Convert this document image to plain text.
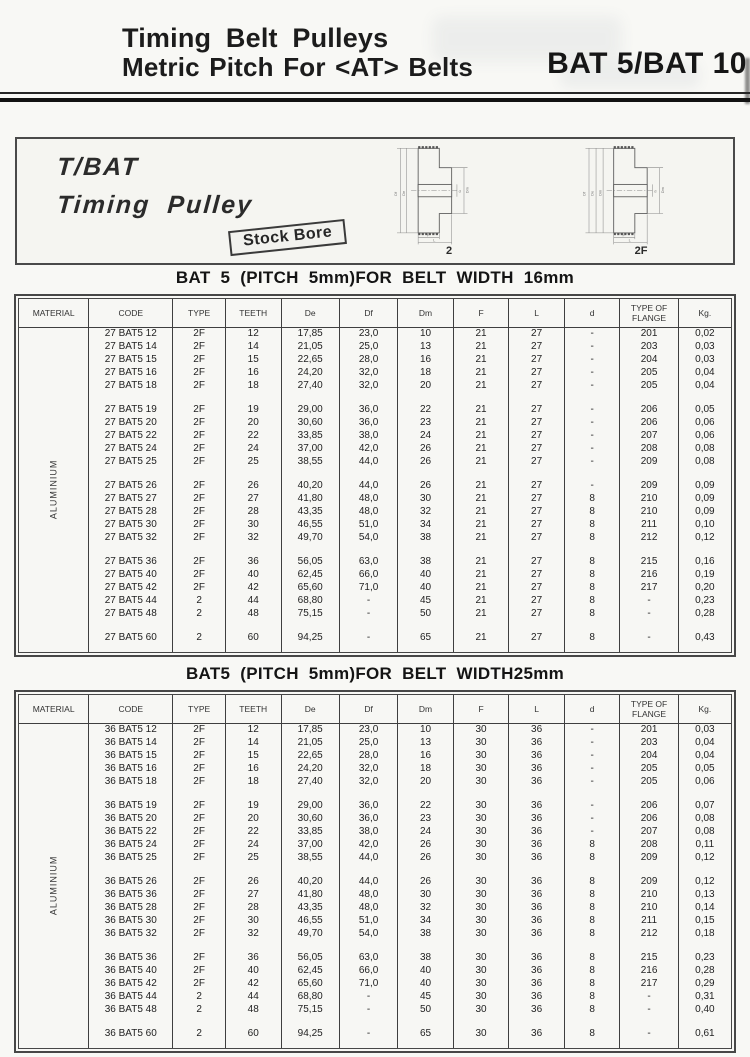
Timing Belt Pulleys
Metric Pitch For <AT> Belts BAT 5/BAT 10
T/BAT
Timing Pulley
Stock Bore
Df De
Dm
d
F
L
2
Df De Dm	Dm
d
F
L
2F
BAT 5 (PITCH 5mm)FOR BELT WIDTH 16mm
MATERIAL	CODE	TYPE	TEETH	De	Df	Dm	F	L	d	TYPE OF FLANGE	Kg.
ALUMINIUM	27 BAT5 12	2F	12	17,85	23,0	10	21	27	-	201	0,02
	27 BAT5 14	2F	14	21,05	25,0	13	21	27	-	203	0,03
	27 BAT5 15	2F	15	22,65	28,0	16	21	27	-	204	0,03
	27 BAT5 16	2F	16	24,20	32,0	18	21	27	-	205	0,04
	27 BAT5 18	2F	18	27,40	32,0	20	21	27	-	205	0,04

	27 BAT5 19	2F	19	29,00	36,0	22	21	27	-	206	0,05
	27 BAT5 20	2F	20	30,60	36,0	23	21	27	-	206	0,06
	27 BAT5 22	2F	22	33,85	38,0	24	21	27	-	207	0,06
	27 BAT5 24	2F	24	37,00	42,0	26	21	27	-	208	0,08
	27 BAT5 25	2F	25	38,55	44,0	26	21	27	-	209	0,08

	27 BAT5 26	2F	26	40,20	44,0	26	21	27	-	209	0,09
	27 BAT5 27	2F	27	41,80	48,0	30	21	27	8	210	0,09
	27 BAT5 28	2F	28	43,35	48,0	32	21	27	8	210	0,09
	27 BAT5 30	2F	30	46,55	51,0	34	21	27	8	211	0,10
	27 BAT5 32	2F	32	49,70	54,0	38	21	27	8	212	0,12

	27 BAT5 36	2F	36	56,05	63,0	38	21	27	8	215	0,16
	27 BAT5 40	2F	40	62,45	66,0	40	21	27	8	216	0,19
	27 BAT5 42	2F	42	65,60	71,0	40	21	27	8	217	0,20
	27 BAT5 44	2	44	68,80	-	45	21	27	8	-	0,23
	27 BAT5 48	2	48	75,15	-	50	21	27	8	-	0,28

	27 BAT5 60	2	60	94,25	-	65	21	27	8	-	0,43

BAT5 (PITCH 5mm)FOR BELT WIDTH25mm
MATERIAL	CODE	TYPE	TEETH	De	Df	Dm	F	L	d	TYPE OF FLANGE	Kg.
ALUMINIUM	36 BAT5 12	2F	12	17,85	23,0	10	30	36	-	201	0,03
	36 BAT5 14	2F	14	21,05	25,0	13	30	36	-	203	0,04
	36 BAT5 15	2F	15	22,65	28,0	16	30	36	-	204	0,04
	36 BAT5 16	2F	16	24,20	32,0	18	30	36	-	205	0,05
	36 BAT5 18	2F	18	27,40	32,0	20	30	36	-	205	0,06

	36 BAT5 19	2F	19	29,00	36,0	22	30	36	-	206	0,07
	36 BAT5 20	2F	20	30,60	36,0	23	30	36	-	206	0,08
	36 BAT5 22	2F	22	33,85	38,0	24	30	36	-	207	0,08
	36 BAT5 24	2F	24	37,00	42,0	26	30	36	8	208	0,11
	36 BAT5 25	2F	25	38,55	44,0	26	30	36	8	209	0,12

	36 BAT5 26	2F	26	40,20	44,0	26	30	36	8	209	0,12
	36 BAT5 36	2F	27	41,80	48,0	30	30	36	8	210	0,13
	36 BAT5 28	2F	28	43,35	48,0	32	30	36	8	210	0,14
	36 BAT5 30	2F	30	46,55	51,0	34	30	36	8	211	0,15
	36 BAT5 32	2F	32	49,70	54,0	38	30	36	8	212	0,18

	36 BAT5 36	2F	36	56,05	63,0	38	30	36	8	215	0,23
	36 BAT5 40	2F	40	62,45	66,0	40	30	36	8	216	0,28
	36 BAT5 42	2F	42	65,60	71,0	40	30	36	8	217	0,29
	36 BAT5 44	2	44	68,80	-	45	30	36	8	-	0,31
	36 BAT5 48	2	48	75,15	-	50	30	36	8	-	0,40

	36 BAT5 60	2	60	94,25	-	65	30	36	8	-	0,61
